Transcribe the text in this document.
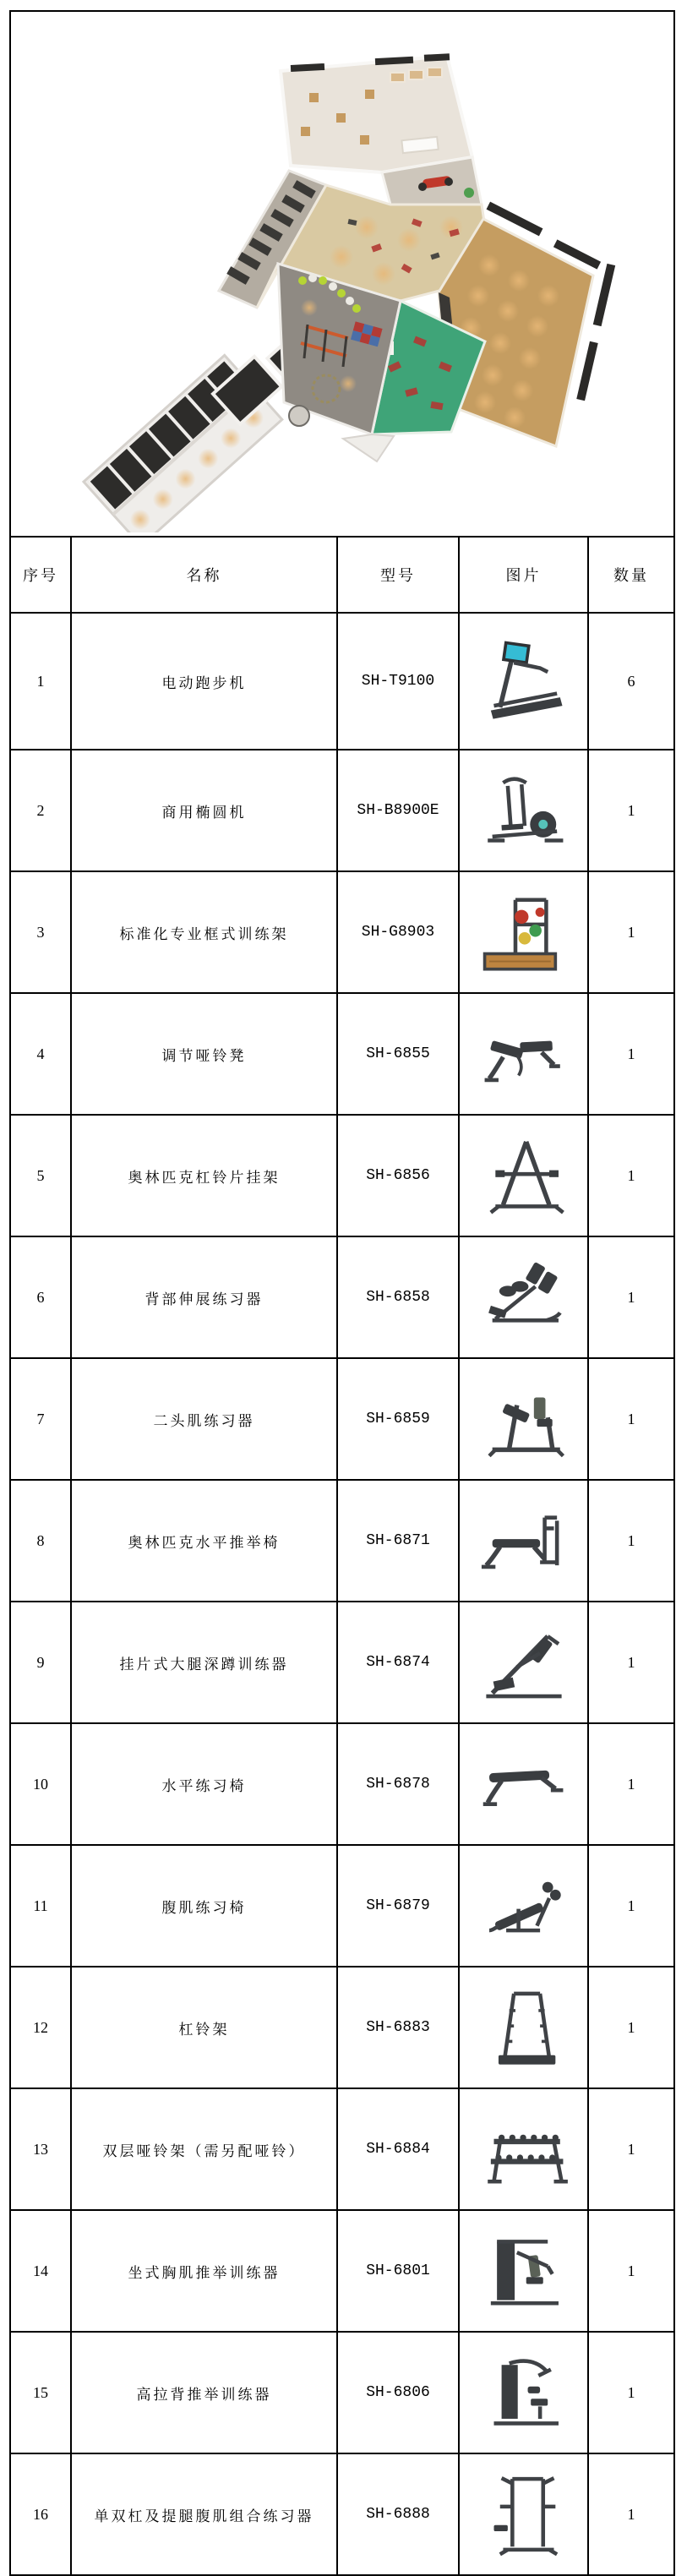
序号	名称	型号	图片	数量
1	电动跑步机	SH-T9100		6
2	商用椭圆机	SH-B8900E		1
3	标准化专业框式训练架	SH-G8903		1
4	调节哑铃凳	SH-6855		1
5	奥林匹克杠铃片挂架	SH-6856		1
6	背部伸展练习器	SH-6858		1
7	二头肌练习器	SH-6859		1
8	奥林匹克水平推举椅	SH-6871		1
9	挂片式大腿深蹲训练器	SH-6874		1
10	水平练习椅	SH-6878		1
11	腹肌练习椅	SH-6879		1
12	杠铃架	SH-6883		1
13	双层哑铃架（需另配哑铃）	SH-6884		1
14	坐式胸肌推举训练器	SH-6801		1
15	高拉背推举训练器	SH-6806		1
16	单双杠及提腿腹肌组合练习器	SH-6888		1
